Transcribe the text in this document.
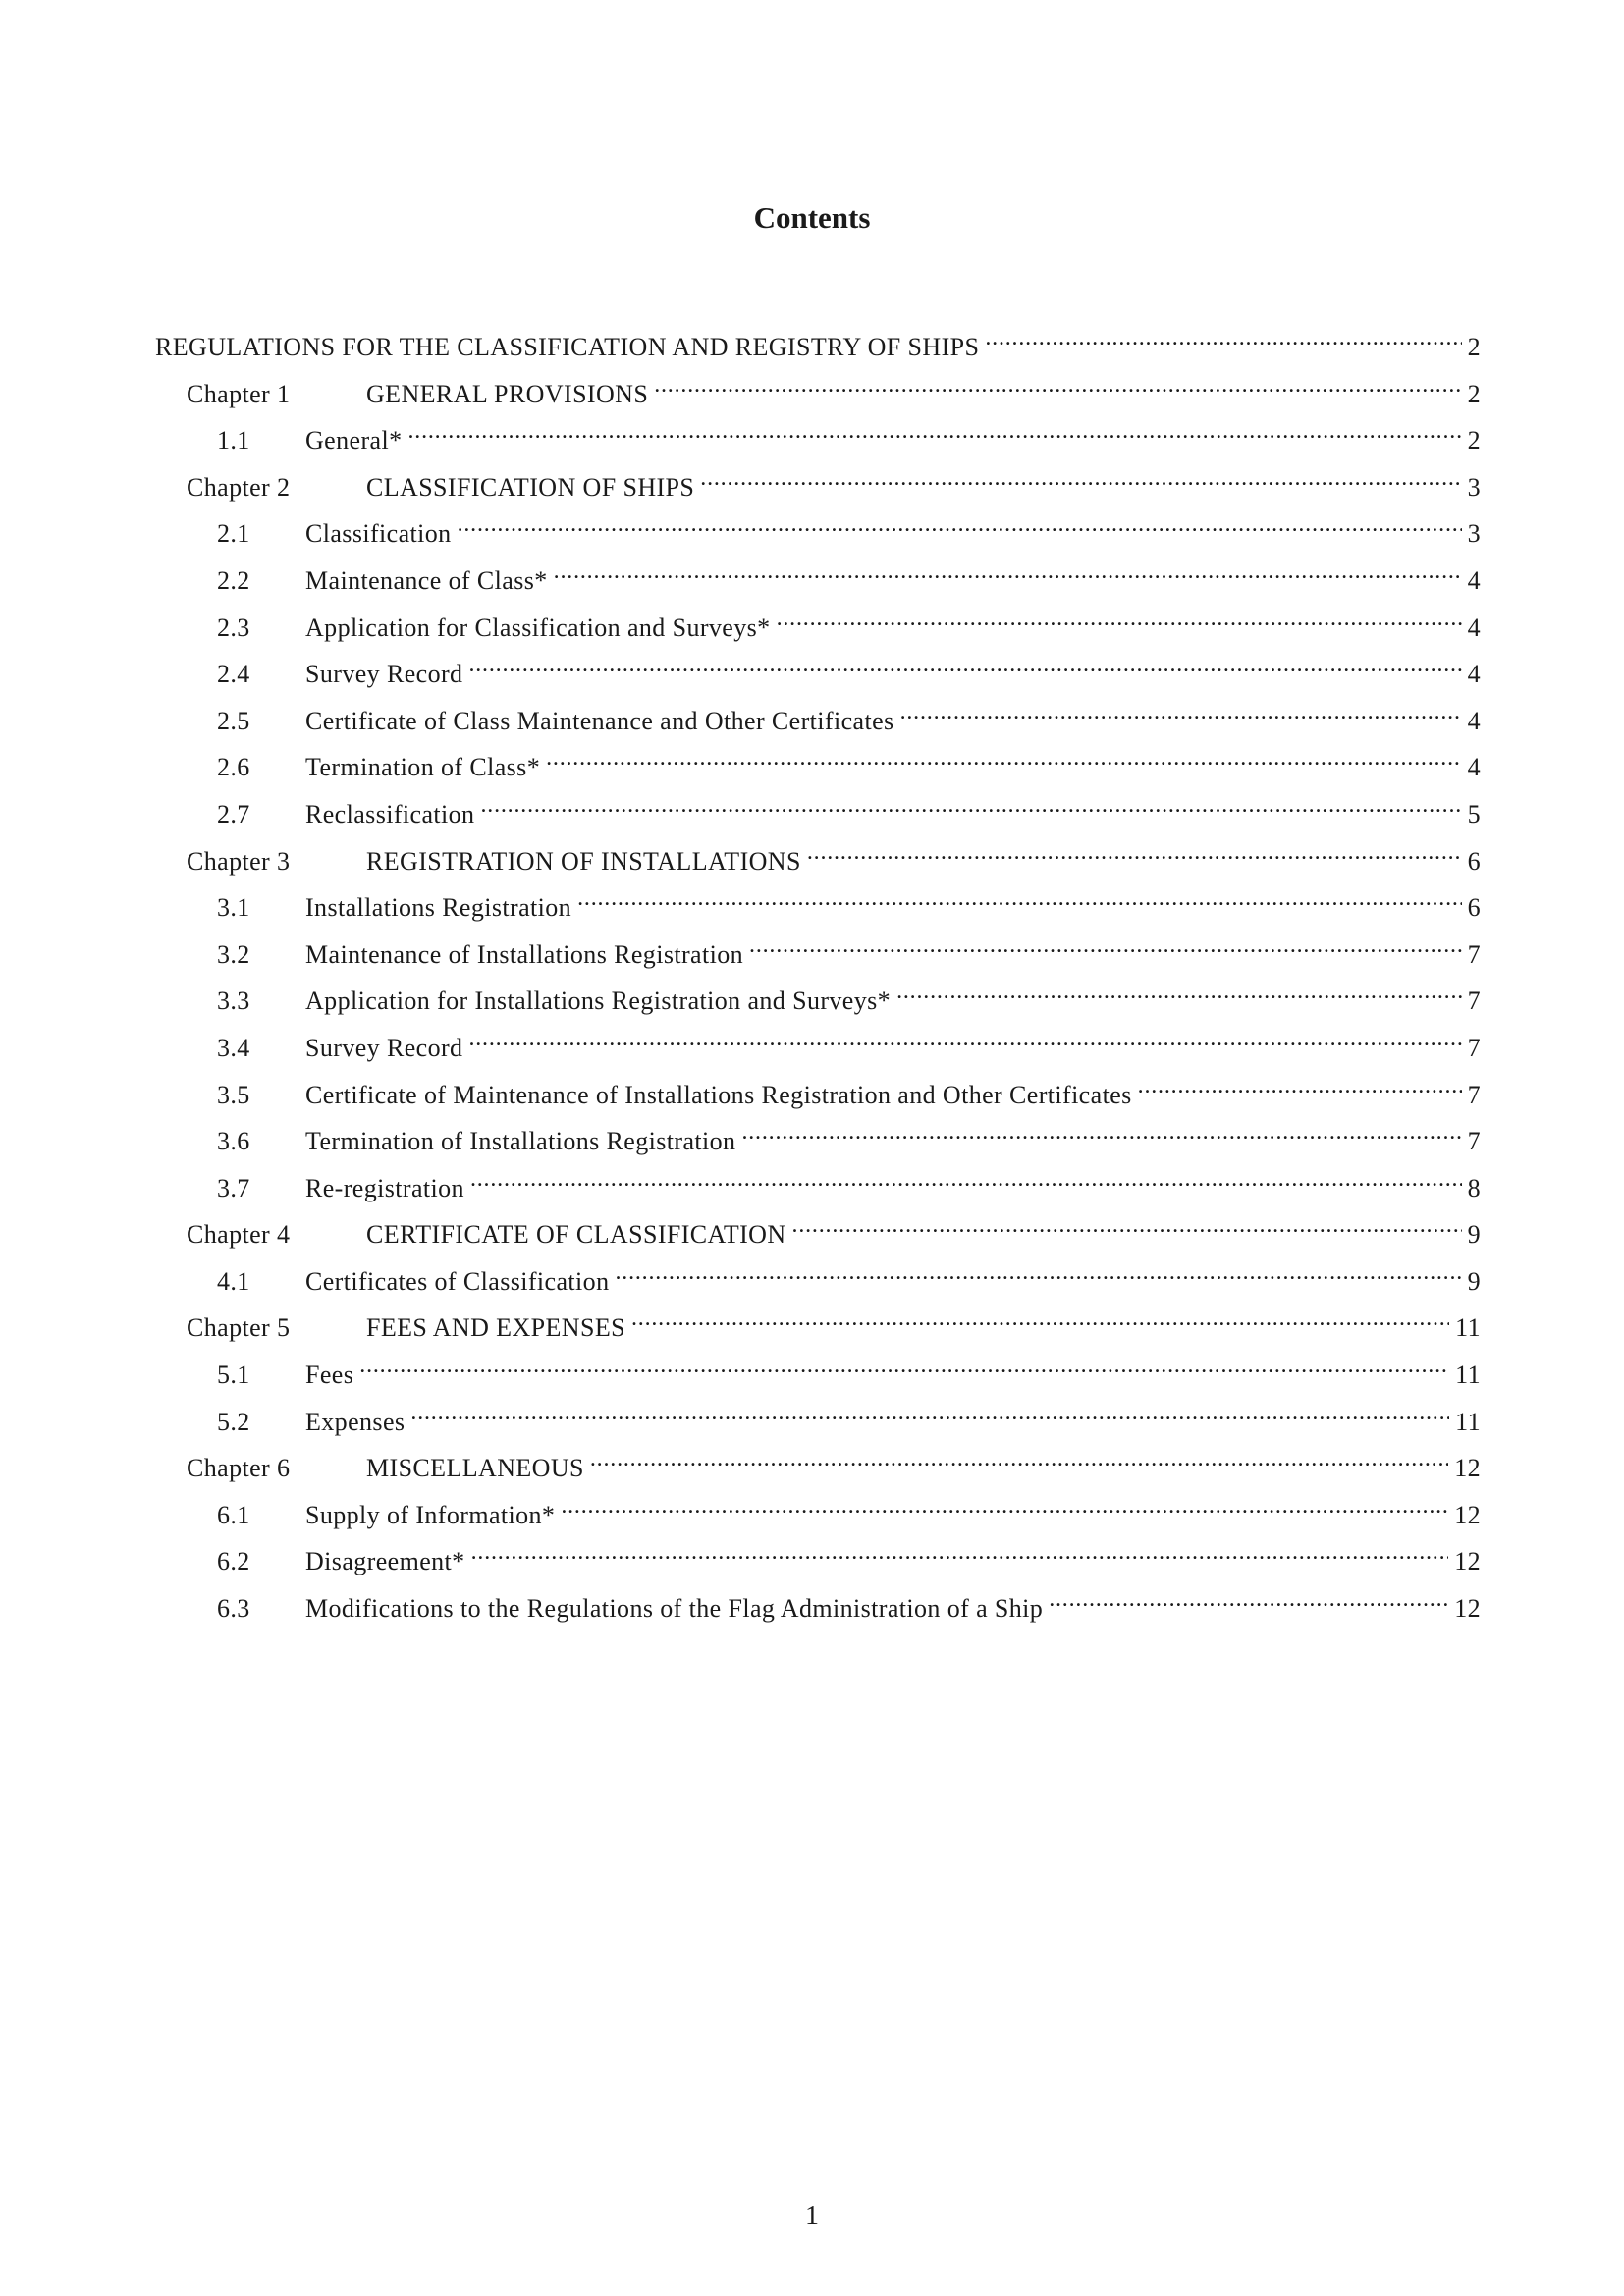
Contents
REGULATIONS FOR THE CLASSIFICATION AND REGISTRY OF SHIPS . . .	2
Chapter 1	GENERAL PROVISIONS . . .	2
1.1	General* . . .	2
Chapter 2	CLASSIFICATION OF SHIPS . . .	3
2.1	Classification . . .	3
2.2	Maintenance of Class* . . .	4
2.3	Application for Classification and Surveys* . . .	4
2.4	Survey Record . . .	4
2.5	Certificate of Class Maintenance and Other Certificates . . .	4
2.6	Termination of Class* . . .	4
2.7	Reclassification . . .	5
Chapter 3	REGISTRATION OF INSTALLATIONS . . .	6
3.1	Installations Registration . . .	6
3.2	Maintenance of Installations Registration . . .	7
3.3	Application for Installations Registration and Surveys* . . .	7
3.4	Survey Record . . .	7
3.5	Certificate of Maintenance of Installations Registration and Other Certificates . . .	7
3.6	Termination of Installations Registration . . .	7
3.7	Re-registration . . .	8
Chapter 4	CERTIFICATE OF CLASSIFICATION . . .	9
4.1	Certificates of Classification . . .	9
Chapter 5	FEES AND EXPENSES . . .	11
5.1	Fees . . .	11
5.2	Expenses . . .	11
Chapter 6	MISCELLANEOUS . . .	12
6.1	Supply of Information* . . .	12
6.2	Disagreement* . . .	12
6.3	Modifications to the Regulations of the Flag Administration of a Ship . . .	12
1
